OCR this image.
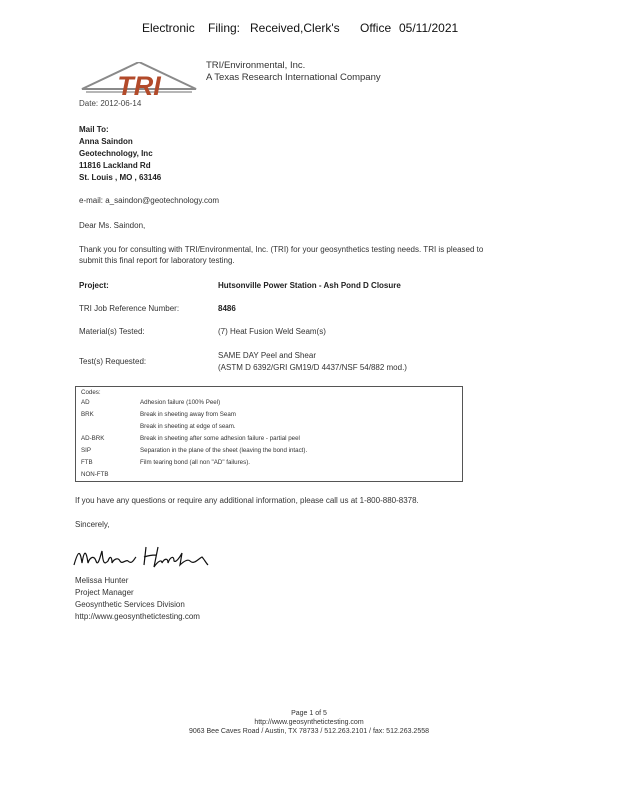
Electronic Filing: Received,Clerk's Office 05/11/2021
TRI
TRI/Environmental, Inc.
A Texas Research International Company
Date: 2012-06-14
Mail To:
Anna Saindon
Geotechnology, Inc
11816 Lackland Rd
St. Louis , MO , 63146
e-mail: a_saindon@geotechnology.com
Dear Ms. Saindon,
Thank you for consulting with TRI/Environmental, Inc. (TRI) for your geosynthetics testing needs. TRI is pleased to
submit this final report for laboratory testing.
Project:	Hutsonville Power Station - Ash Pond D Closure
TRI Job Reference Number:	8486
Material(s) Tested:	(7) Heat Fusion Weld Seam(s)
Test(s) Requested:
SAME DAY Peel and Shear
(ASTM D 6392/GRI GM19/D 4437/NSF 54/882 mod.)
Codes:
AD	Adhesion failure (100% Peel)
BRK	Break in sheeting away from Seam
Break in sheeting at edge of seam.
AD-BRK	Break in sheeting after some adhesion failure - partial peel
SIP	Separation in the plane of the sheet (leaving the bond intact).
FTB	Film tearing bond (all non "AD" failures).
NON-FTB
If you have any questions or require any additional information, please call us at 1-800-880-8378.
Sincerely,
Melissa Hunter
Project Manager
Geosynthetic Services Division
http://www.geosynthetictesting.com
Page 1 of 5
http://www.geosynthetictesting.com
9063 Bee Caves Road / Austin, TX 78733 / 512.263.2101 / fax: 512.263.2558
